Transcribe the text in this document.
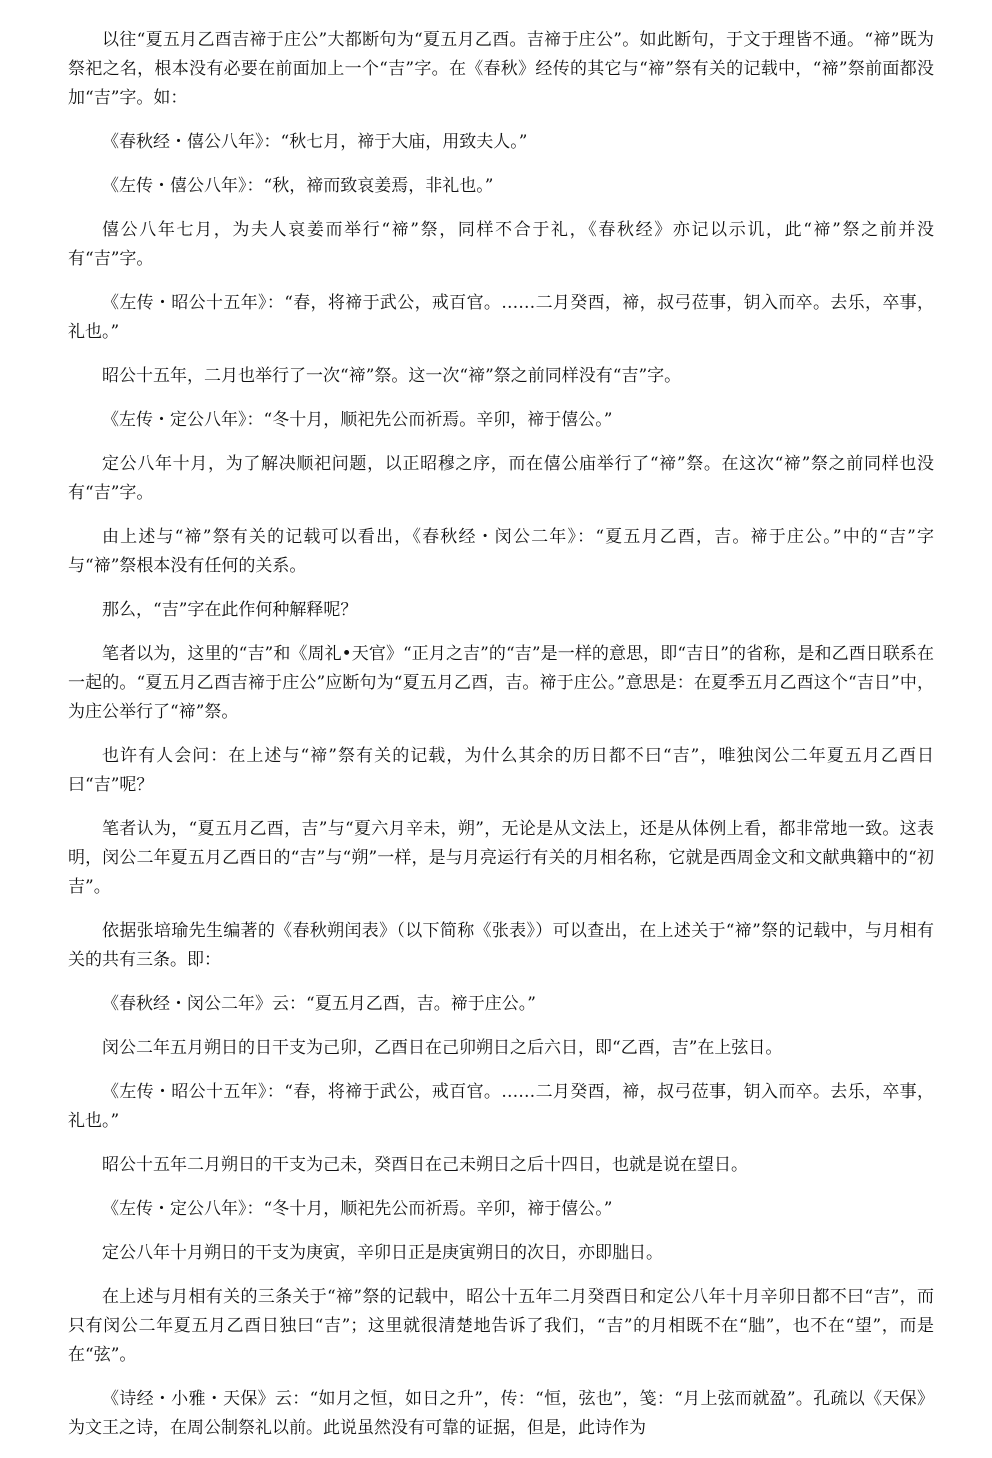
以往“夏五月乙酉吉禘于庄公”大都断句为“夏五月乙酉。吉禘于庄公”。如此断句，于文于理皆不通。“禘”既为祭祀之名，根本没有必要在前面加上一个“吉”字。在《春秋》经传的其它与“禘”祭有关的记载中，“禘”祭前面都没加“吉”字。如：

《春秋经・僖公八年》：“秋七月，禘于大庙，用致夫人。”

《左传・僖公八年》：“秋，禘而致哀姜焉，非礼也。”

僖公八年七月，为夫人哀姜而举行“禘”祭，同样不合于礼，《春秋经》亦记以示讥，此“禘”祭之前并没有“吉”字。

《左传・昭公十五年》：“春，将禘于武公，戒百官。……二月癸酉，禘，叔弓莅事，钥入而卒。去乐，卒事，礼也。”

昭公十五年，二月也举行了一次“禘”祭。这一次“禘”祭之前同样没有“吉”字。

《左传・定公八年》：“冬十月，顺祀先公而祈焉。辛卯，禘于僖公。”

定公八年十月，为了解决顺祀问题，以正昭穆之序，而在僖公庙举行了“禘”祭。在这次“禘”祭之前同样也没有“吉”字。

由上述与“禘”祭有关的记载可以看出，《春秋经・闵公二年》：“夏五月乙酉，吉。禘于庄公。”中的“吉”字与“禘”祭根本没有任何的关系。

那么，“吉”字在此作何种解释呢？

笔者以为，这里的“吉”和《周礼•天官》“正月之吉”的“吉”是一样的意思，即“吉日”的省称，是和乙酉日联系在一起的。“夏五月乙酉吉禘于庄公”应断句为“夏五月乙酉，吉。禘于庄公。”意思是：在夏季五月乙酉这个“吉日”中，为庄公举行了“禘”祭。

也许有人会问：在上述与“禘”祭有关的记载，为什么其余的历日都不曰“吉”，唯独闵公二年夏五月乙酉日曰“吉”呢？

笔者认为，“夏五月乙酉，吉”与“夏六月辛未，朔”，无论是从文法上，还是从体例上看，都非常地一致。这表明，闵公二年夏五月乙酉日的“吉”与“朔”一样，是与月亮运行有关的月相名称，它就是西周金文和文献典籍中的“初吉”。

依据张培瑜先生编著的《春秋朔闰表》（以下简称《张表》）可以查出，在上述关于“禘”祭的记载中，与月相有关的共有三条。即：

《春秋经・闵公二年》云：“夏五月乙酉，吉。禘于庄公。”

闵公二年五月朔日的日干支为己卯，乙酉日在己卯朔日之后六日，即“乙酉，吉”在上弦日。

《左传・昭公十五年》：“春，将禘于武公，戒百官。……二月癸酉，禘，叔弓莅事，钥入而卒。去乐，卒事，礼也。”

昭公十五年二月朔日的干支为己未，癸酉日在己未朔日之后十四日，也就是说在望日。

《左传・定公八年》：“冬十月，顺祀先公而祈焉。辛卯，禘于僖公。”

定公八年十月朔日的干支为庚寅，辛卯日正是庚寅朔日的次日，亦即朏日。

在上述与月相有关的三条关于“禘”祭的记载中，昭公十五年二月癸酉日和定公八年十月辛卯日都不曰“吉”，而只有闵公二年夏五月乙酉日独曰“吉”；这里就很清楚地告诉了我们，“吉”的月相既不在“朏”，也不在“望”，而是在“弦”。

《诗经・小雅・天保》云：“如月之恒，如日之升”，传：“恒，弦也”，笺：“月上弦而就盈”。孔疏以《天保》为文王之诗，在周公制祭礼以前。此说虽然没有可靠的证据，但是，此诗作为
